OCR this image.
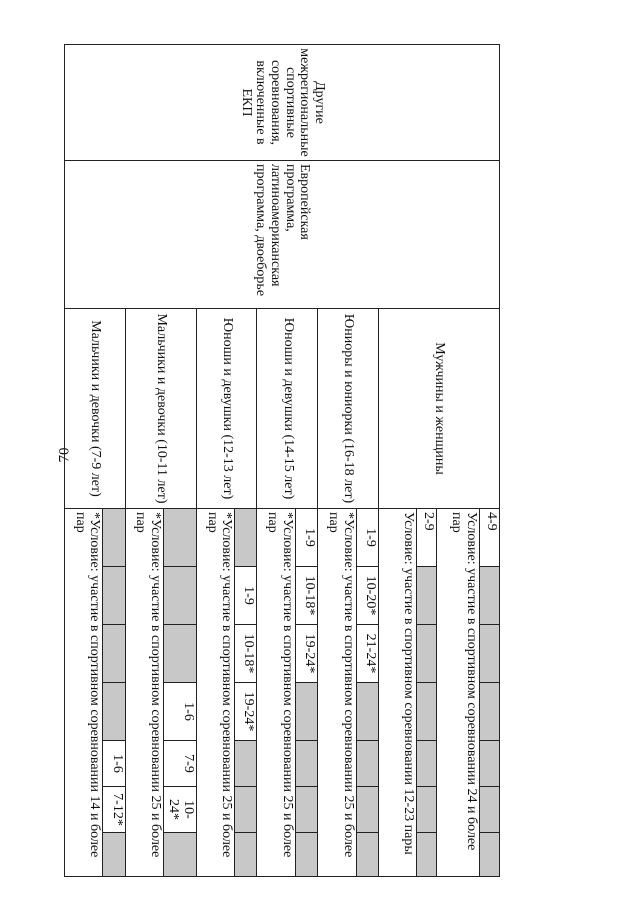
70
Другие межрегиональные спортивные соревнования, включенные в ЕКП	Европейская программа, латиноамериканская программа, двоеборье	Мужчины и женщины	4-9						
			Условие: участие в спортивном соревновании 24 и более пар						
			2-9						
			Условие: участие в спортивном соревновании 12-23 пары						
		Юниоры и юниорки (16-18 лет)	1-9	10-20*	21-24*				
			*Условие: участие в спортивном соревновании 25 и более пар						
		Юноши и девушки (14-15 лет)	1-9	10-18*	19-24*				
			*Условие: участие в спортивном соревновании 25 и более пар						
		Юноши и девушки (12-13 лет)		1-9	10-18*	19-24*			
			*Условие: участие в спортивном соревновании 25 и более пар						
		Мальчики и девочки (10-11 лет)				1-6	7-9	10-24*	
			*Условие: участие в спортивном соревновании 25 и более пар						
		Мальчики и девочки (7-9 лет)					1-6	7-12*	
			*Условие: участие в спортивном соревновании 14 и более пар						
